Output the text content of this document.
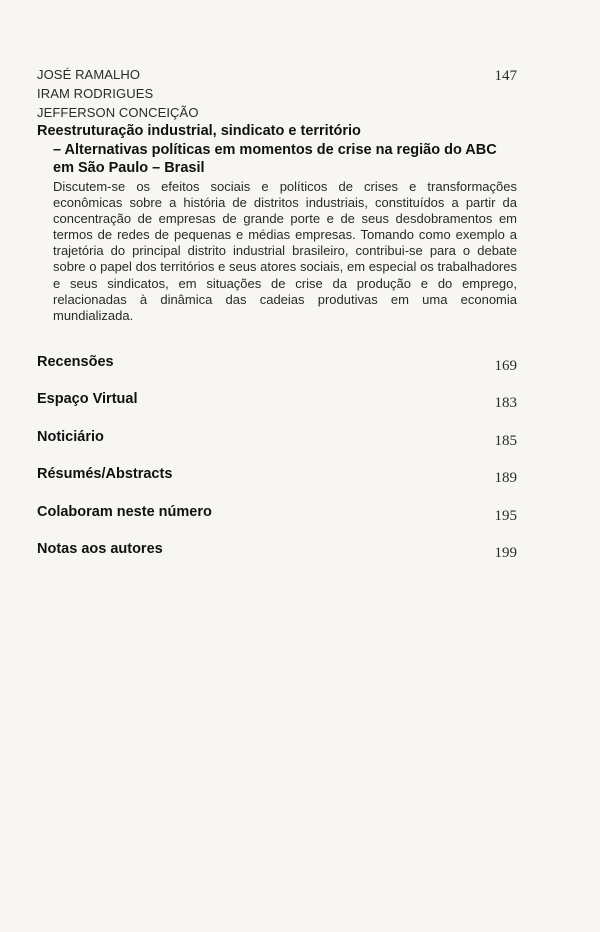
JOSÉ RAMALHO
IRAM RODRIGUES
JEFFERSON CONCEIÇÃO
147
Reestruturação industrial, sindicato e território
– Alternativas políticas em momentos de crise na região do ABC
em São Paulo – Brasil
Discutem-se os efeitos sociais e políticos de crises e transformações econômicas sobre a história de distritos industriais, constituídos a partir da concentração de empresas de grande porte e de seus desdobramentos em termos de redes de pequenas e médias empresas. Tomando como exemplo a trajetória do principal distrito industrial brasileiro, contribui-se para o debate sobre o papel dos territórios e seus atores sociais, em especial os trabalhadores e seus sindicatos, em situações de crise da produção e do emprego, relacionadas à dinâmica das cadeias produtivas em uma economia mundializada.
Recensões	169
Espaço Virtual	183
Noticiário	185
Résumés/Abstracts	189
Colaboram neste número	195
Notas aos autores	199
